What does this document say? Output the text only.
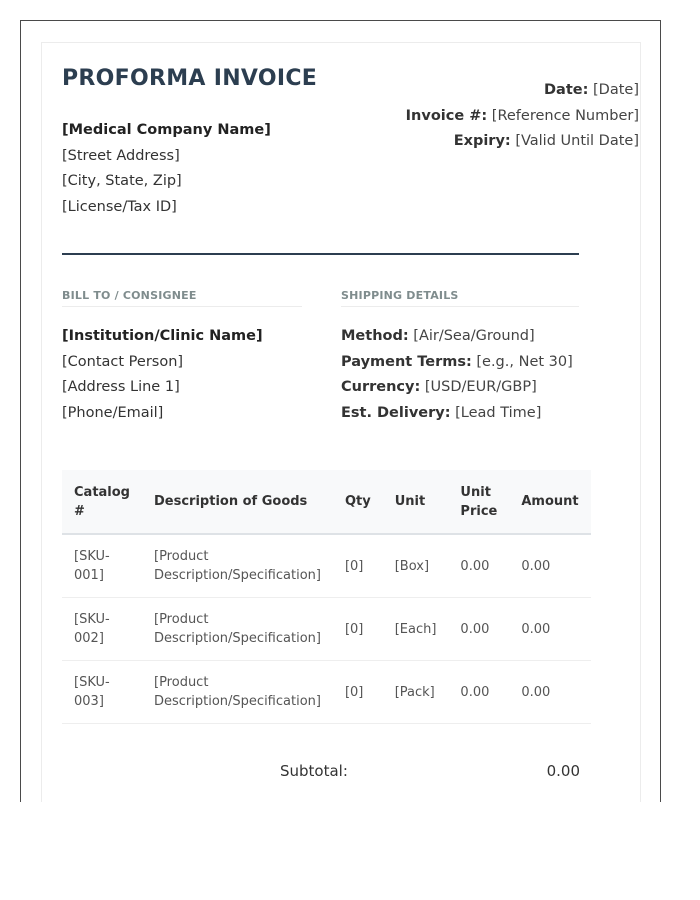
PROFORMA INVOICE
[Medical Company Name]
[Street Address]
[City, State, Zip]
[License/Tax ID]
Date: [Date]
Invoice #: [Reference Number]
Expiry: [Valid Until Date]
BILL TO / CONSIGNEE	SHIPPING DETAILS
[Institution/Clinic Name]
[Contact Person]
[Address Line 1]
[Phone/Email]
Method: [Air/Sea/Ground]
Payment Terms: [e.g., Net 30]
Currency: [USD/EUR/GBP]
Est. Delivery: [Lead Time]
Catalog #	Description of Goods	Qty	Unit	Unit Price	Amount
[SKU-001]	[Product Description/Specification]	[0]	[Box]	0.00	0.00
[SKU-002]	[Product Description/Specification]	[0]	[Each]	0.00	0.00
[SKU-003]	[Product Description/Specification]	[0]	[Pack]	0.00	0.00
Subtotal:	0.00
